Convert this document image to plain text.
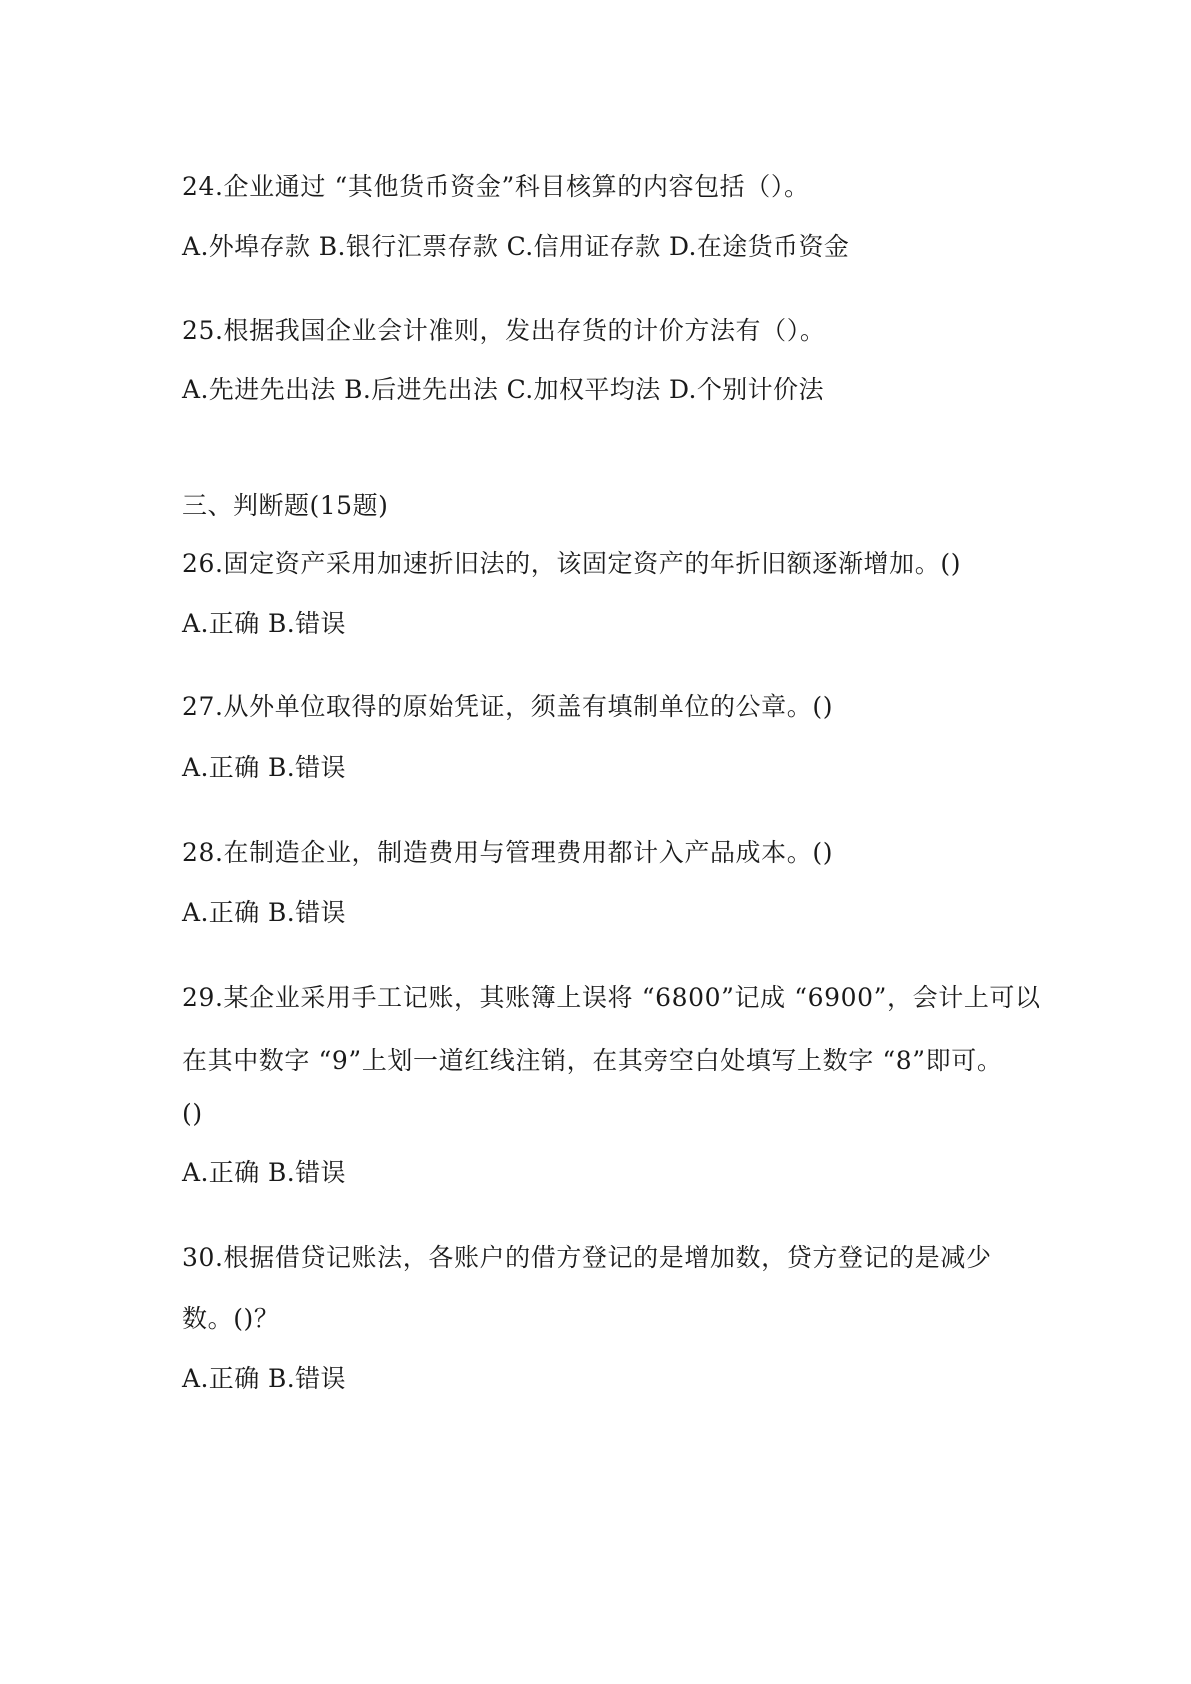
24.企业通过 “其他货币资金”科目核算的内容包括（）。
A.外埠存款 B.银行汇票存款 C.信用证存款 D.在途货币资金
25.根据我国企业会计准则，发出存货的计价方法有（）。
A.先进先出法 B.后进先出法 C.加权平均法 D.个别计价法
三、判断题(15题)
26.固定资产采用加速折旧法的，该固定资产的年折旧额逐渐增加。()
A.正确 B.错误
27.从外单位取得的原始凭证，须盖有填制单位的公章。()
A.正确 B.错误
28.在制造企业，制造费用与管理费用都计入产品成本。()
A.正确 B.错误
29.某企业采用手工记账，其账簿上误将 “6800”记成 “6900”，会计上可以
在其中数字 “9”上划一道红线注销，在其旁空白处填写上数字 “8”即可。
()
A.正确 B.错误
30.根据借贷记账法，各账户的借方登记的是增加数，贷方登记的是减少
数。()？
A.正确 B.错误
